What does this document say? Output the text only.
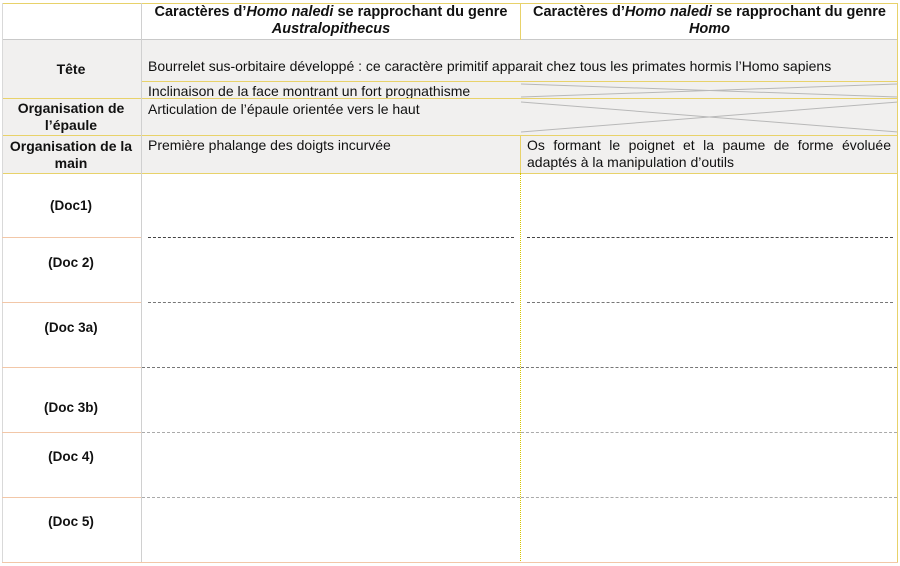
Caractères d’Homo naledi se rapprochant du genre Australopithecus
Caractères d’Homo naledi se rapprochant du genre Homo
Tête	Bourrelet sus-orbitaire développé : ce caractère primitif apparait chez tous les primates hormis l’Homo sapiens
Inclinaison de la face montrant un fort prognathisme
Organisation de l’épaule
Articulation de l’épaule orientée vers le haut
Organisation de la main
Première phalange des doigts incurvée	Os formant le poignet et la paume de forme évoluée adaptés à la manipulation d’outils
(Doc1)
(Doc 2)
(Doc 3a)
(Doc 3b)
(Doc 4)
(Doc 5)
